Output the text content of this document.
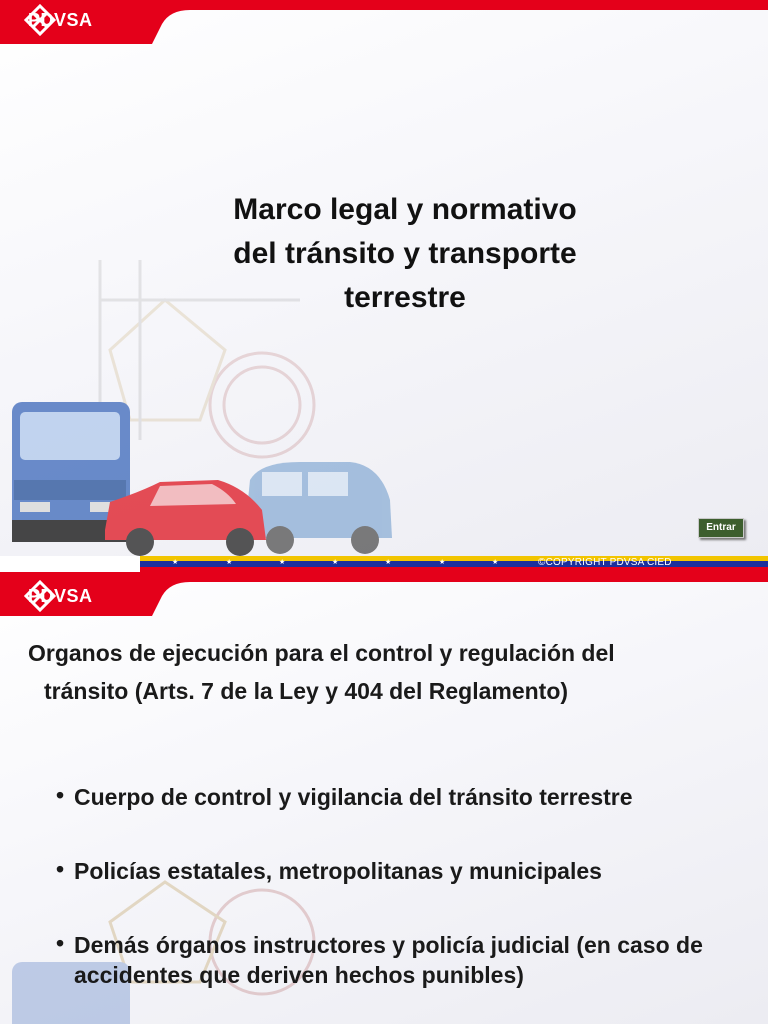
PDVSA
Marco legal y normativo
del tránsito y transporte
terrestre
Entrar
★	★	★	★	★	★	★	©COPYRIGHT PDVSA CIED
PDVSA
Organos de ejecución para el control y regulación del
tránsito (Arts. 7 de la Ley y 404 del Reglamento)
• Cuerpo de control y vigilancia del tránsito terrestre
• Policías estatales, metropolitanas y municipales
• Demás órganos instructores y policía judicial (en caso de accidentes que deriven hechos punibles)
